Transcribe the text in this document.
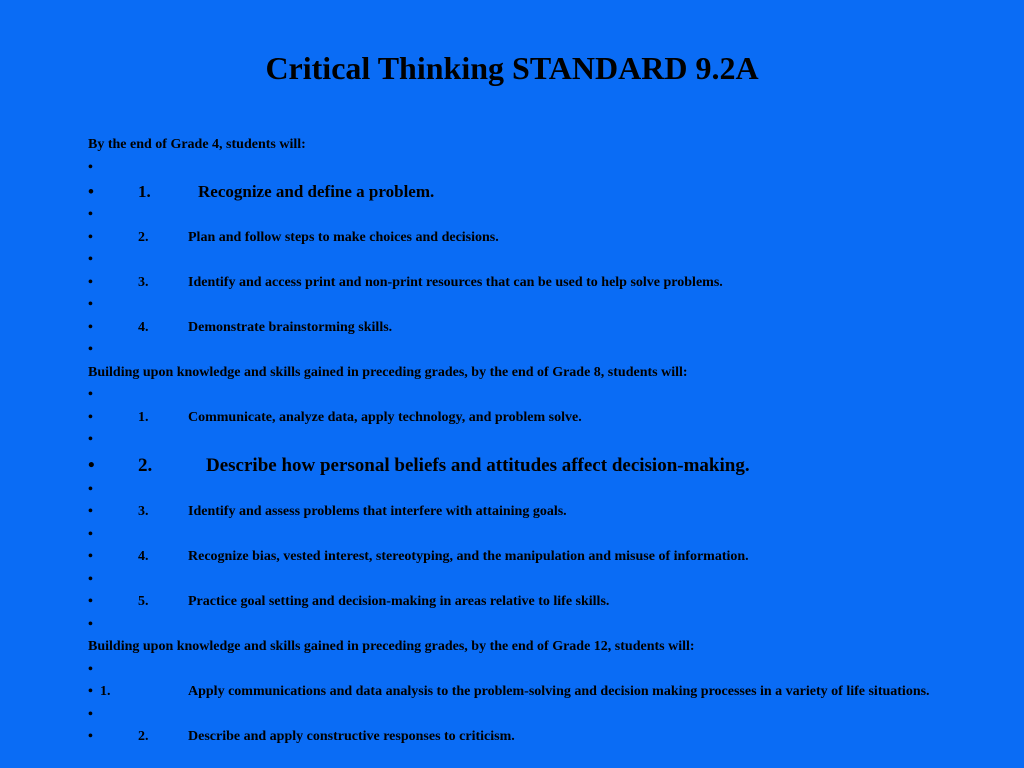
Critical Thinking STANDARD 9.2A
By the end of Grade 4, students will:
•
•	1.	Recognize and define a problem.
•
•	2.	Plan and follow steps to make choices and decisions.
•
•	3.	Identify and access print and non-print resources that can be used to help solve problems.
•
•	4.	Demonstrate brainstorming skills.
•
Building upon knowledge and skills gained in preceding grades, by the end of Grade 8, students will:
•
•	1.	Communicate, analyze data, apply technology, and problem solve.
•
• 2.	Describe how personal beliefs and attitudes affect decision-making.
•
•	3.	Identify and assess problems that interfere with attaining goals.
•
•	4.	Recognize bias, vested interest, stereotyping, and the manipulation and misuse of information.
•
•	5.	Practice goal setting and decision-making in areas relative to life skills.
•
Building upon knowledge and skills gained in preceding grades, by the end of Grade 12, students will:
•
• 1.	Apply communications and data analysis to the problem-solving and decision making processes in a variety of life situations.
•
•	2.	Describe and apply constructive responses to criticism.
